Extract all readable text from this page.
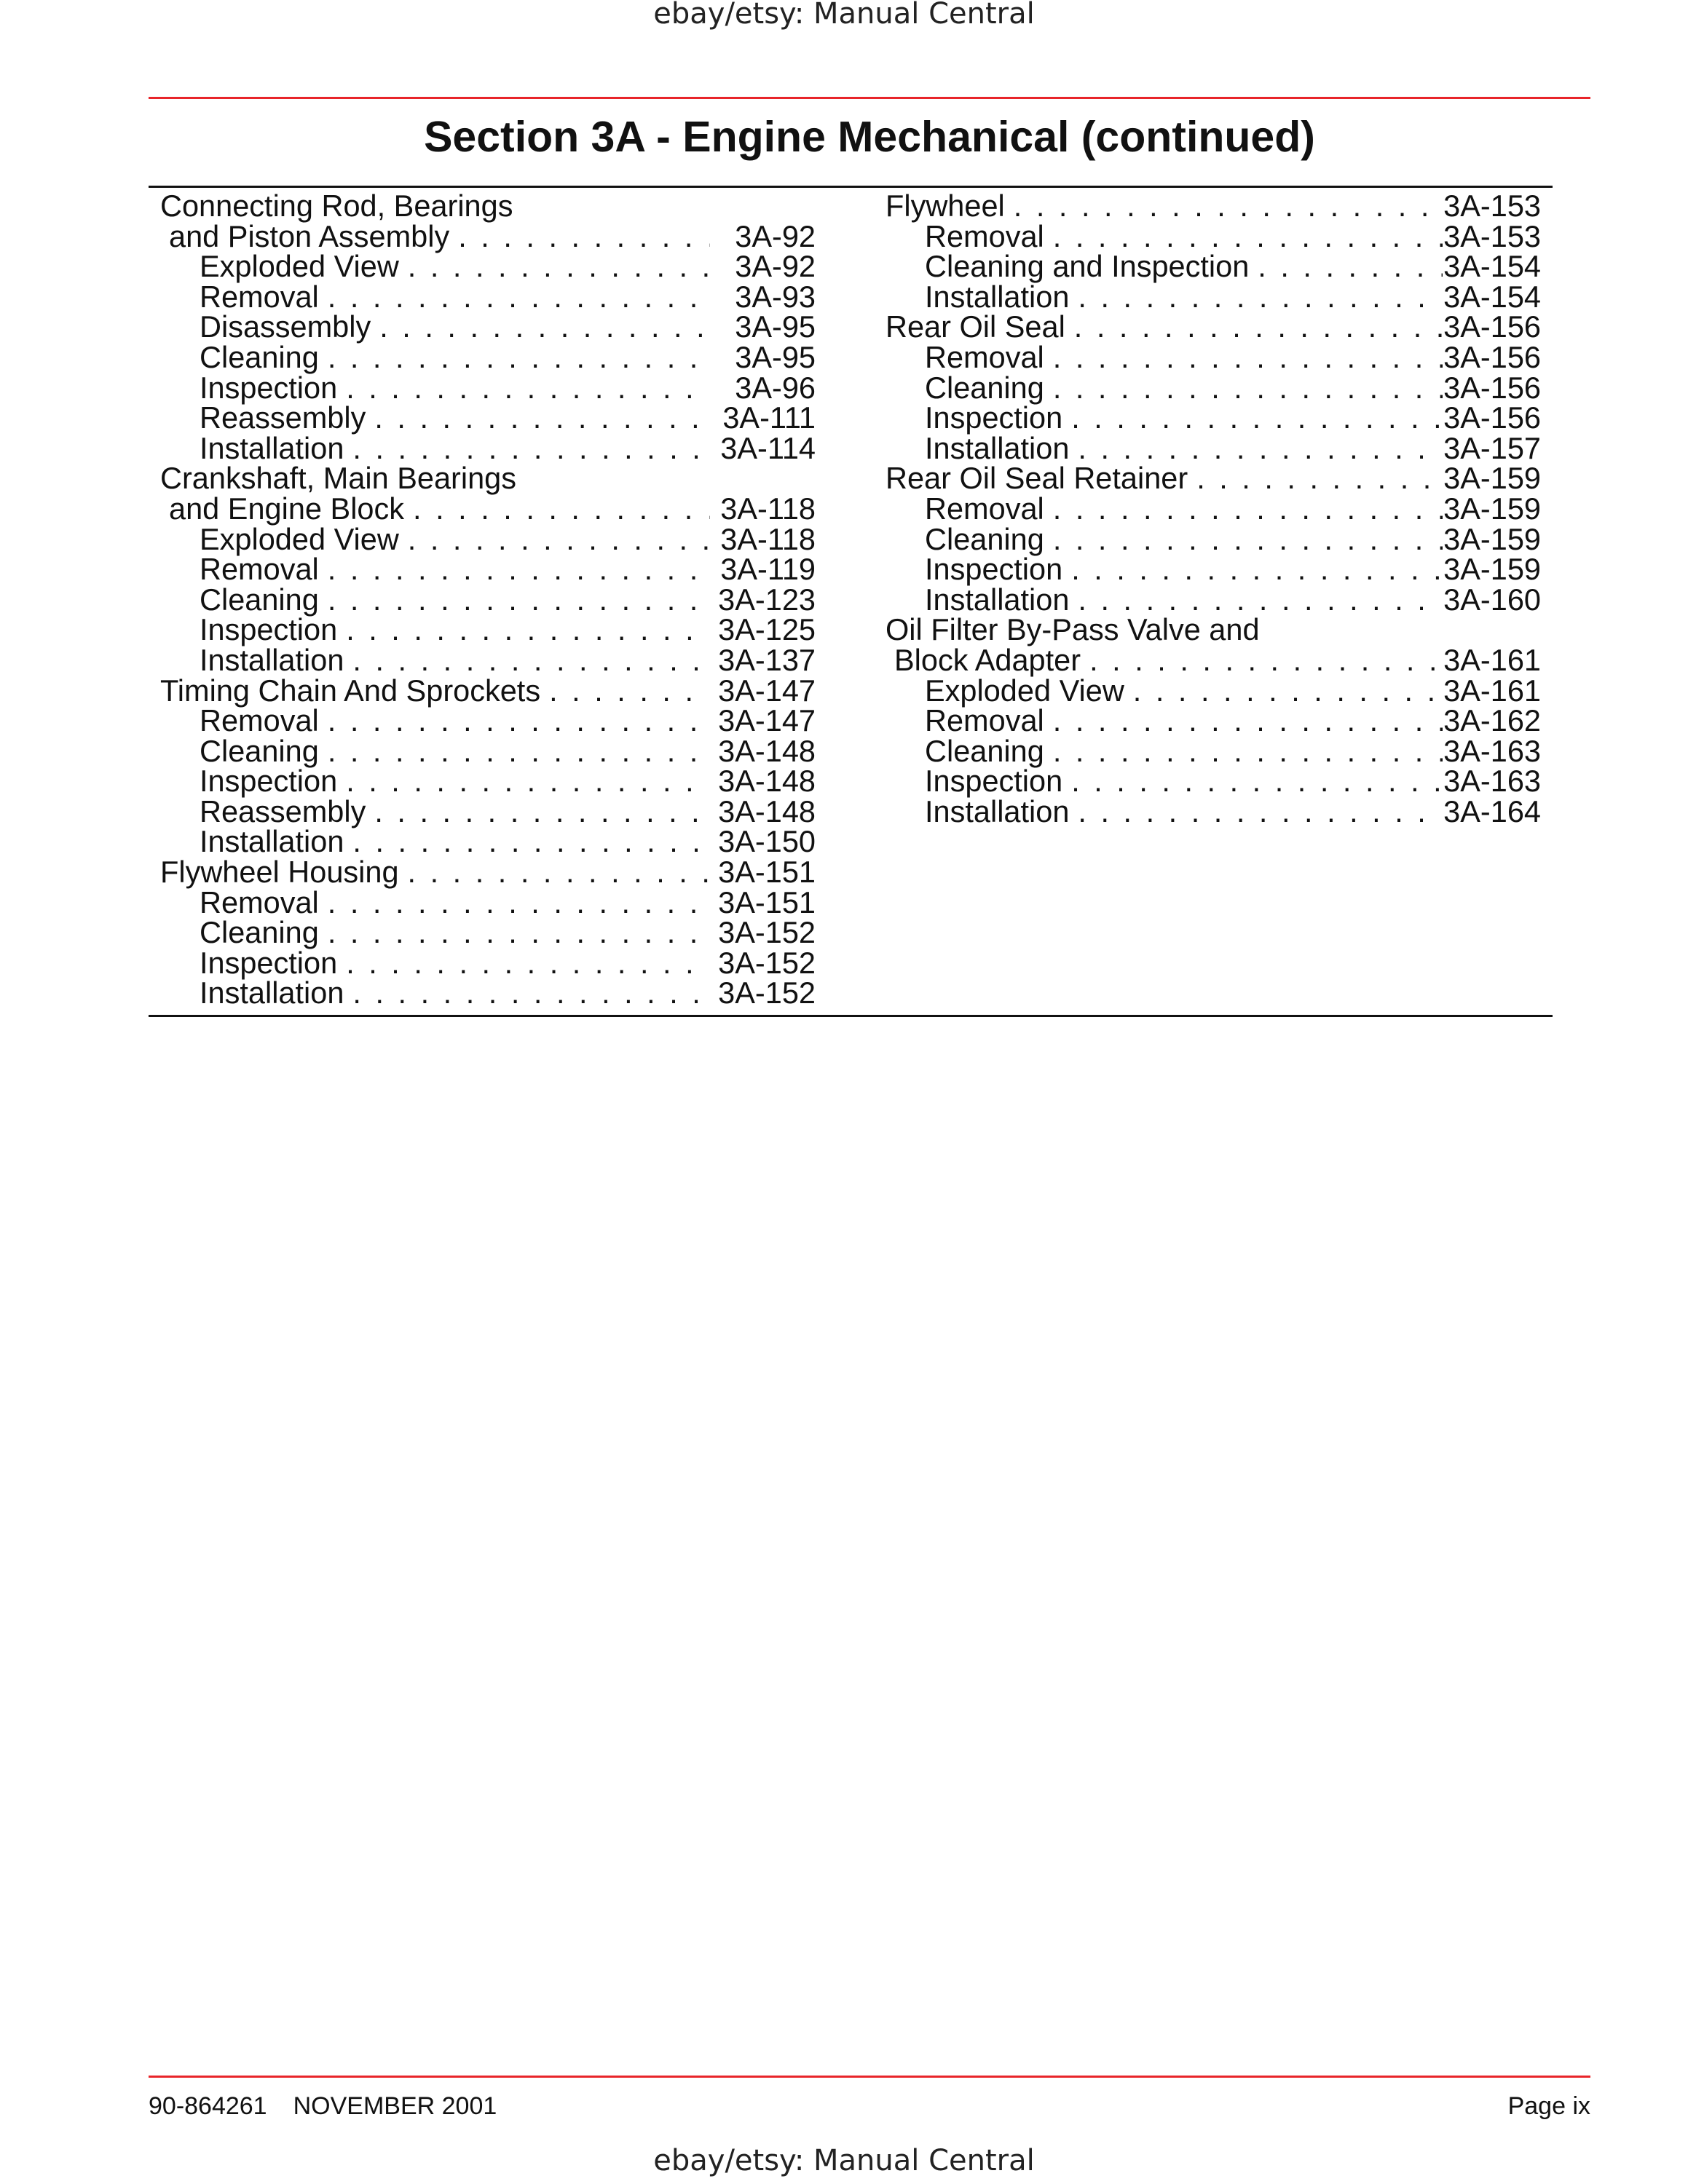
ebay/etsy: Manual Central
Section 3A - Engine Mechanical (continued)
Connecting Rod, Bearings
and Piston Assembly . . .	3A-92
Exploded View . . .	3A-92
Removal . . .	3A-93
Disassembly . . .	3A-95
Cleaning . . .	3A-95
Inspection . . .	3A-96
Reassembly . . .	3A-111
Installation . . .	3A-114
Crankshaft, Main Bearings
and Engine Block . . .	3A-118
Exploded View . . .	3A-118
Removal . . .	3A-119
Cleaning . . .	3A-123
Inspection . . .	3A-125
Installation . . .	3A-137
Timing Chain And Sprockets . . .	3A-147
Removal . . .	3A-147
Cleaning . . .	3A-148
Inspection . . .	3A-148
Reassembly . . .	3A-148
Installation . . .	3A-150
Flywheel Housing . . .	3A-151
Removal . . .	3A-151
Cleaning . . .	3A-152
Inspection . . .	3A-152
Installation . . .	3A-152
Flywheel . . .	3A-153
Removal . . .	3A-153
Cleaning and Inspection . . .	3A-154
Installation . . .	3A-154
Rear Oil Seal . . .	3A-156
Removal . . .	3A-156
Cleaning . . .	3A-156
Inspection . . .	3A-156
Installation . . .	3A-157
Rear Oil Seal Retainer . . .	3A-159
Removal . . .	3A-159
Cleaning . . .	3A-159
Inspection . . .	3A-159
Installation . . .	3A-160
Oil Filter By-Pass Valve and
Block Adapter . . .	3A-161
Exploded View . . .	3A-161
Removal . . .	3A-162
Cleaning . . .	3A-163
Inspection . . .	3A-163
Installation . . .	3A-164
90-864261 NOVEMBER 2001	Page ix
ebay/etsy: Manual Central
